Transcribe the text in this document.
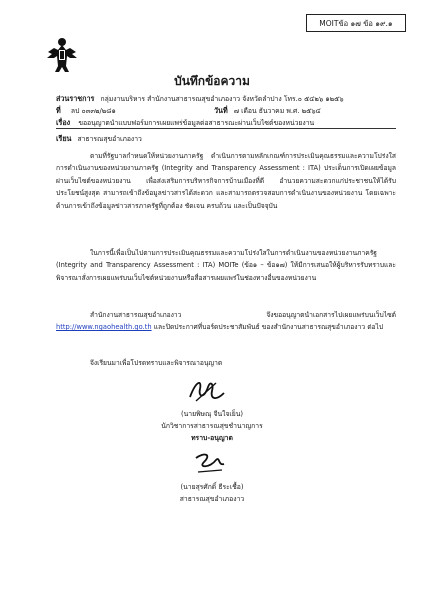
MOITข้อ ๑๗ ข้อ ๑๙.๑
บันทึกข้อความ
ส่วนราชการ กลุ่มงานบริหาร สำนักงานสาธารณสุขอำเภองาว จังหวัดลำปาง โทร.๐ ๕๔๒๖ ๑๒๕๖
ที่ ลป ๐๓๓๒/๒๘๑	วันที่ ๗ เดือน ธันวาคม พ.ศ. ๒๕๖๔
เรื่อง ขออนุญาตนำแบบฟอร์มการเผยแพร่ข้อมูลต่อสาธารณะผ่านเว็บไซต์ของหน่วยงาน
เรียน สาธารณสุขอำเภองาว
ตามที่รัฐบาลกำหนดให้หน่วยงานภาครัฐ ดำเนินการตามหลักเกณฑ์การประเมินคุณธรรมและความโปร่งใสการดำเนินงานของหน่วยงานภาครัฐ (Integrity and Transparency Assessment : ITA) ประเด็นการเปิดเผยข้อมูลผ่านเว็บไซต์ของหน่วยงาน เพื่อส่งเสริมการบริหารกิจการบ้านเมืองที่ดี อำนวยความสะดวกแก่ประชาชนให้ได้รับประโยชน์สูงสุด สามารถเข้าถึงข้อมูลข่าวสารได้สะดวก และสามารถตรวจสอบการดำเนินงานของหน่วยงาน โดยเฉพาะด้านการเข้าถึงข้อมูลข่าวสารภาครัฐที่ถูกต้อง ชัดเจน ครบถ้วน และเป็นปัจจุบัน
ในการนี้เพื่อเป็นไปตามการประเมินคุณธรรมและความโปร่งใสในการดำเนินงานของหน่วยงานภาครัฐ (Integrity and Transparency Assessment : ITA) MOITe (ข้อ๑ – ข้อ๑๗) ให้มีการเสนอให้ผู้บริหารรับทราบและพิจารณาสั่งการเผยแพร่บนเว็บไซต์หน่วยงานหรือสื่อสารเผยแพร่ในช่องทางอื่นของหน่วยงาน
สำนักงานสาธารณสุขอำเภองาว จึงขออนุญาตนำเอกสารไปเผยแพร่บนเว็บไซต์ http://www.ngaohealth.go.th และปิดประกาศที่บอร์ดประชาสัมพันธ์ ของสำนักงานสาธารณสุขอำเภองาว ต่อไป
จึงเรียนมาเพื่อโปรดทราบและพิจารณาอนุญาต
(นายพิษณุ จีนใจเย็น)
นักวิชาการสาธารณสุขชำนาญการ
ทราบ-อนุญาต
(นายสุรศักดิ์ ธีระเชื้อ)
สาธารณสุขอำเภองาว
